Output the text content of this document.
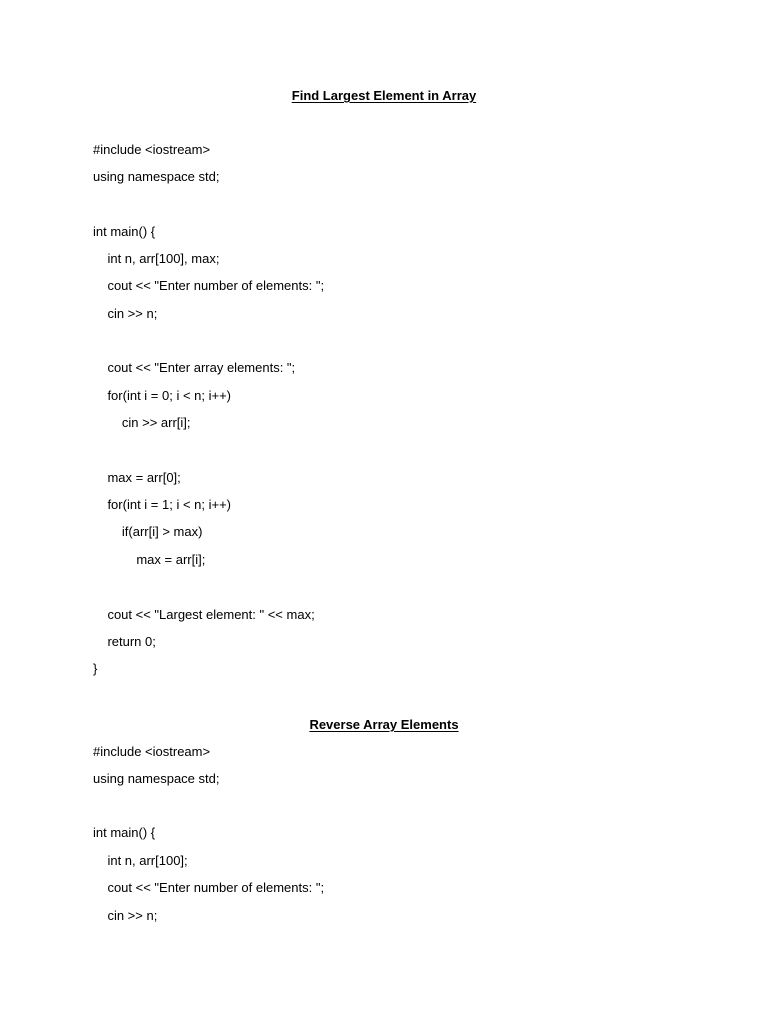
Find Largest Element in Array
#include <iostream>
using namespace std;
int main() {
int n, arr[100], max;
cout << "Enter number of elements: ";
cin >> n;
cout << "Enter array elements: ";
for(int i = 0; i < n; i++)
cin >> arr[i];
max = arr[0];
for(int i = 1; i < n; i++)
if(arr[i] > max)
max = arr[i];
cout << "Largest element: " << max;
return 0;
}
Reverse Array Elements
#include <iostream>
using namespace std;
int main() {
int n, arr[100];
cout << "Enter number of elements: ";
cin >> n;
